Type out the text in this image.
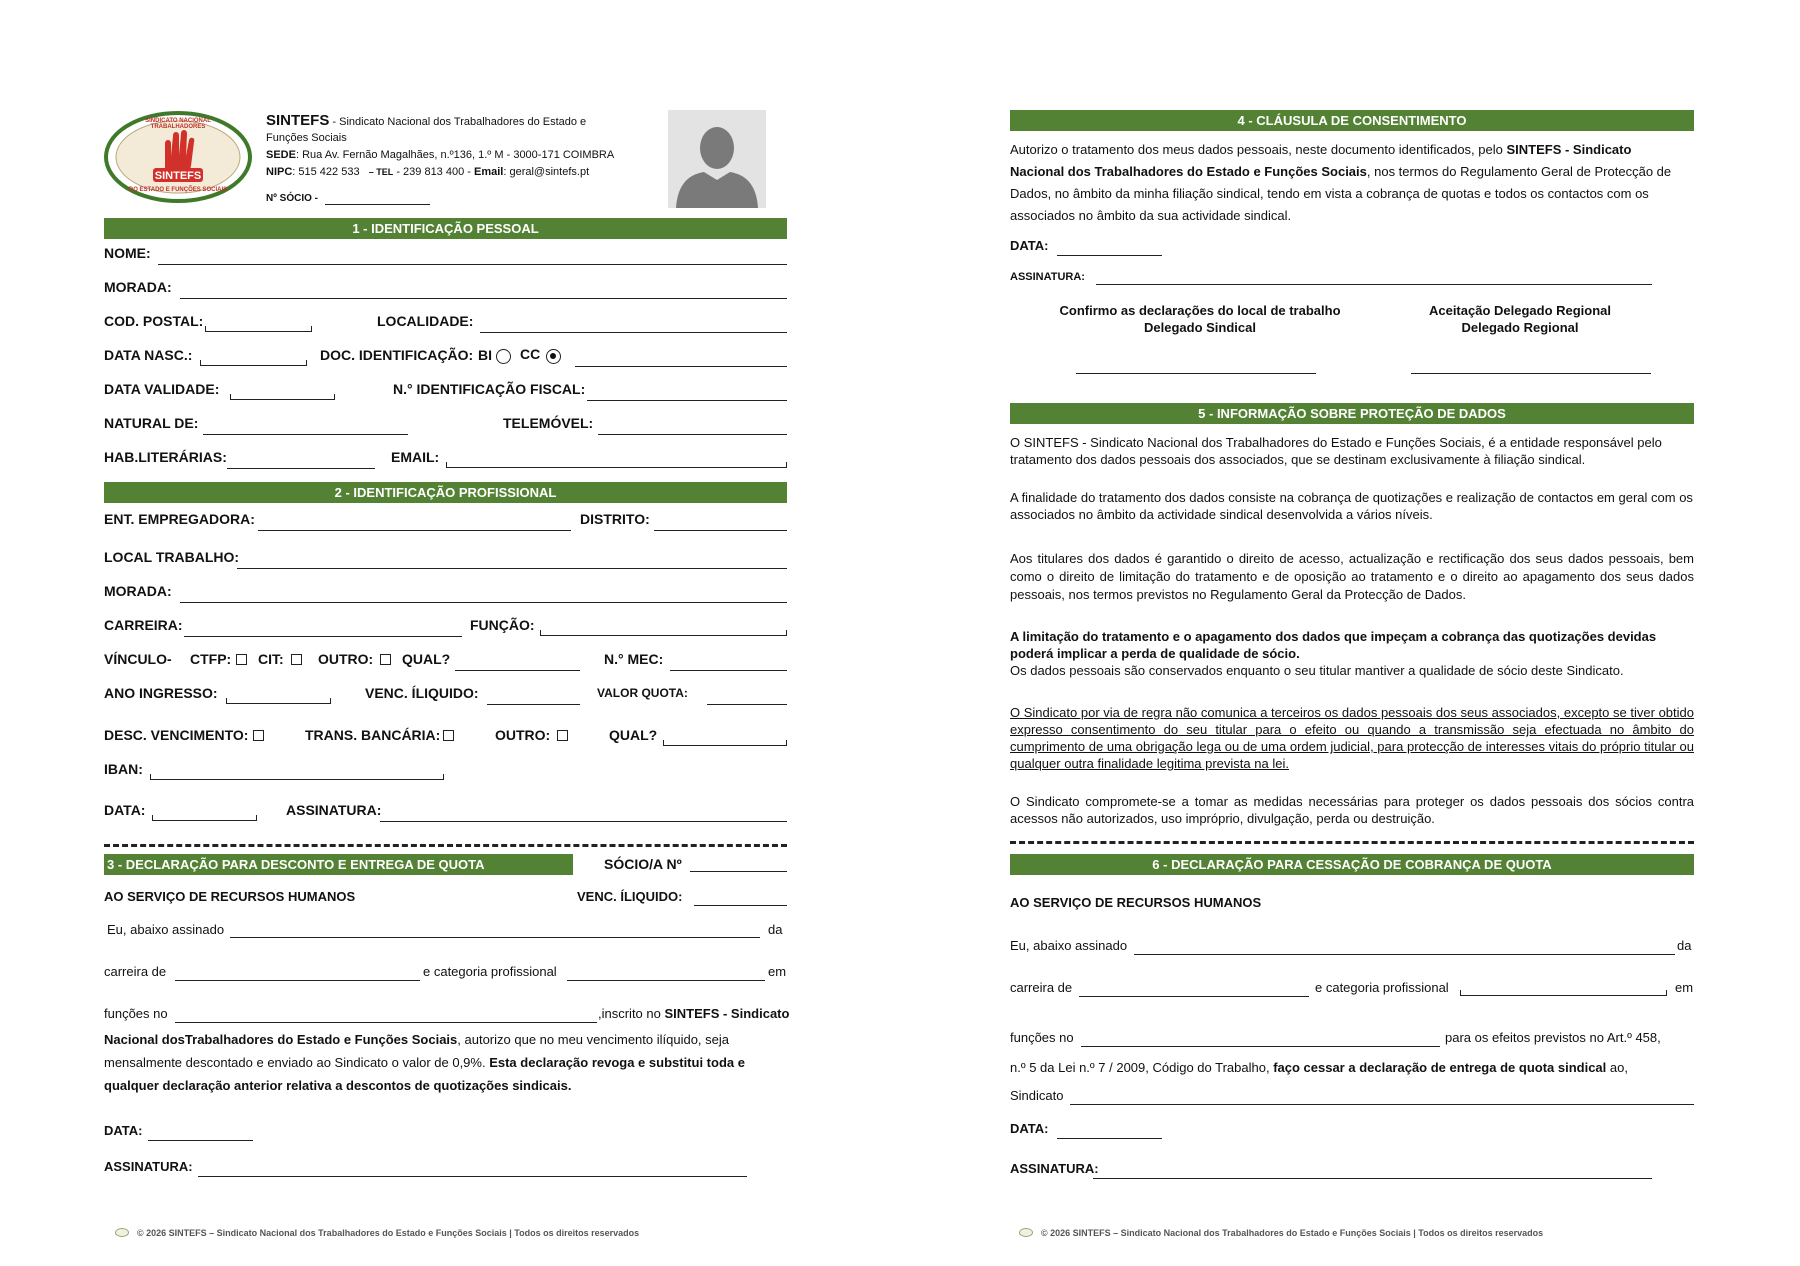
SINTEFS
SINDICATO NACIONAL TRABALHADORES
DO ESTADO E FUNÇÕES SOCIAIS
SINTEFS - Sindicato Nacional dos Trabalhadores do Estado e
Funções Sociais
SEDE: Rua Av. Fernão Magalhães, n.º136, 1.º M - 3000-171 COIMBRA
NIPC: 515 422 533 – TEL - 239 813 400 - Email: geral@sintefs.pt
Nº SÓCIO -
1 - IDENTIFICAÇÃO PESSOAL
NOME:
MORADA:
COD. POSTAL:	LOCALIDADE:
DATA NASC.:	DOC. IDENTIFICAÇÃO: BI CC
DATA VALIDADE:	N.° IDENTIFICAÇÃO FISCAL:
NATURAL DE:	TELEMÓVEL:
HAB.LITERÁRIAS:	EMAIL:
2 - IDENTIFICAÇÃO PROFISSIONAL
ENT. EMPREGADORA:	DISTRITO:
LOCAL TRABALHO:
MORADA:
CARREIRA:	FUNÇÃO:
VÍNCULO- CTFP: CIT: OUTRO: QUAL?	N.° MEC:
ANO INGRESSO:	VENC. ÍLIQUIDO:	VALOR QUOTA:
DESC. VENCIMENTO:	TRANS. BANCÁRIA:	OUTRO:	QUAL?
IBAN:
DATA:	ASSINATURA:
3 - DECLARAÇÃO PARA DESCONTO E ENTREGA DE QUOTA	SÓCIO/A Nº
AO SERVIÇO DE RECURSOS HUMANOS	VENC. ÍLIQUIDO:
Eu, abaixo assinado	da
carreira de	e categoria profissional	em
funções no	,inscrito no SINTEFS - Sindicato
Nacional dosTrabalhadores do Estado e Funções Sociais, autorizo que no meu vencimento ilíquido, seja
mensalmente descontado e enviado ao Sindicato o valor de 0,9%. Esta declaração revoga e substitui toda e
qualquer declaração anterior relativa a descontos de quotizações sindicais.
DATA:
ASSINATURA:
© 2026 SINTEFS – Sindicato Nacional dos Trabalhadores do Estado e Funções Sociais | Todos os direitos reservados
4 - CLÁUSULA DE CONSENTIMENTO
Autorizo o tratamento dos meus dados pessoais, neste documento identificados, pelo SINTEFS - Sindicato
Nacional dos Trabalhadores do Estado e Funções Sociais, nos termos do Regulamento Geral de Protecção de
Dados, no âmbito da minha filiação sindical, tendo em vista a cobrança de quotas e todos os contactos com os
associados no âmbito da sua actividade sindical.
DATA:
ASSINATURA:
Confirmo as declarações do local de trabalho
Delegado Sindical
Aceitação Delegado Regional
Delegado Regional
5 - INFORMAÇÃO SOBRE PROTEÇÃO DE DADOS
O SINTEFS - Sindicato Nacional dos Trabalhadores do Estado e Funções Sociais, é a entidade responsável pelo tratamento dos dados pessoais dos associados, que se destinam exclusivamente à filiação sindical.
A finalidade do tratamento dos dados consiste na cobrança de quotizações e realização de contactos em geral com os associados no âmbito da actividade sindical desenvolvida a vários níveis.
Aos titulares dos dados é garantido o direito de acesso, actualização e rectificação dos seus dados pessoais, bem como o direito de limitação do tratamento e de oposição ao tratamento e o direito ao apagamento dos seus dados pessoais, nos termos previstos no Regulamento Geral da Protecção de Dados.
A limitação do tratamento e o apagamento dos dados que impeçam a cobrança das quotizações devidas poderá implicar a perda de qualidade de sócio.
Os dados pessoais são conservados enquanto o seu titular mantiver a qualidade de sócio deste Sindicato.
O Sindicato por via de regra não comunica a terceiros os dados pessoais dos seus associados, excepto se tiver obtido expresso consentimento do seu titular para o efeito ou quando a transmissão seja efectuada no âmbito do cumprimento de uma obrigação lega ou de uma ordem judicial, para protecção de interesses vitais do próprio titular ou qualquer outra finalidade legitima prevista na lei.
O Sindicato compromete-se a tomar as medidas necessárias para proteger os dados pessoais dos sócios contra acessos não autorizados, uso impróprio, divulgação, perda ou destruição.
6 - DECLARAÇÃO PARA CESSAÇÃO DE COBRANÇA DE QUOTA
AO SERVIÇO DE RECURSOS HUMANOS
Eu, abaixo assinado	da
carreira de	e categoria profissional	em
funções no	para os efeitos previstos no Art.º 458,
n.º 5 da Lei n.º 7 / 2009, Código do Trabalho, faço cessar a declaração de entrega de quota sindical ao,
Sindicato
DATA:
ASSINATURA:
© 2026 SINTEFS – Sindicato Nacional dos Trabalhadores do Estado e Funções Sociais | Todos os direitos reservados
